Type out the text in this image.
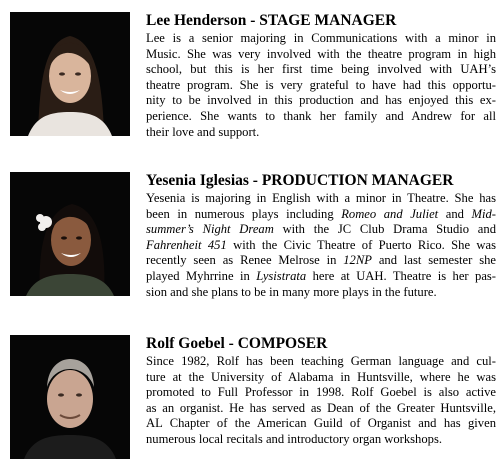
Lee Henderson - STAGE MANAGER

Lee is a senior majoring in Communications with a minor in
Music. She was very involved with the theatre program in high
school, but this is her first time being involved with UAH’s
theatre program. She is very grateful to have had this opportu-
nity to be involved in this production and has enjoyed this ex-
perience. She wants to thank her family and Andrew for all
their love and support.

Yesenia Iglesias - PRODUCTION MANAGER

Yesenia is majoring in English with a minor in Theatre. She has
been in numerous plays including Romeo and Juliet and Mid-
summer’s Night Dream with the JC Club Drama Studio and
Fahrenheit 451 with the Civic Theatre of Puerto Rico. She was
recently seen as Renee Melrose in 12NP and last semester she
played Myhrrine in Lysistrata here at UAH. Theatre is her pas-
sion and she plans to be in many more plays in the future.

Rolf Goebel - COMPOSER

Since 1982, Rolf has been teaching German language and cul-
ture at the University of Alabama in Huntsville, where he was
promoted to Full Professor in 1998. Rolf Goebel is also active
as an organist. He has served as Dean of the Greater Huntsville,
AL Chapter of the American Guild of Organist and has given
numerous local recitals and introductory organ workshops.
